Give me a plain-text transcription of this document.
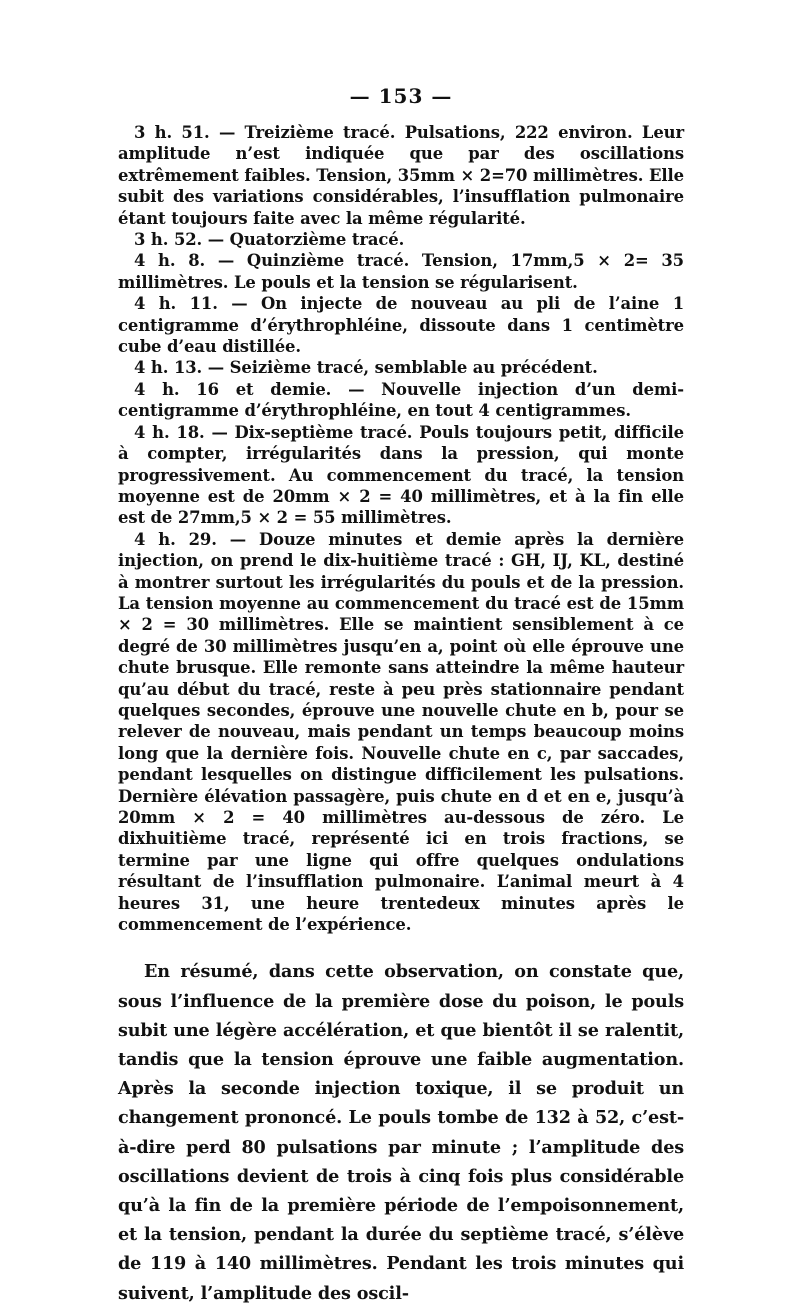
— 153 —

3 h. 51. — Treizième tracé. Pulsations, 222 environ. Leur amplitude n’est indiquée que par des oscillations extrêmement faibles. Tension, 35mm × 2=70 millimètres. Elle subit des variations considérables, l’insufflation pulmonaire étant toujours faite avec la même régularité.

3 h. 52. — Quatorzième tracé.

4 h. 8. — Quinzième tracé. Tension, 17mm,5 × 2= 35 millimètres. Le pouls et la tension se régularisent.

4 h. 11. — On injecte de nouveau au pli de l’aine 1 centigramme d’érythrophléine, dissoute dans 1 centimètre cube d’eau distillée.

4 h. 13. — Seizième tracé, semblable au précédent.

4 h. 16 et demie. — Nouvelle injection d’un demi-centigramme d’érythrophléine, en tout 4 centigrammes.

4 h. 18. — Dix-septième tracé. Pouls toujours petit, difficile à compter, irrégularités dans la pression, qui monte progressivement. Au commencement du tracé, la tension moyenne est de 20mm × 2 = 40 millimètres, et à la fin elle est de 27mm,5 × 2 = 55 millimètres.

4 h. 29. — Douze minutes et demie après la dernière injection, on prend le dix-huitième tracé : GH, IJ, KL, destiné à montrer surtout les irrégularités du pouls et de la pression. La tension moyenne au commencement du tracé est de 15mm × 2 = 30 millimètres. Elle se maintient sensiblement à ce degré de 30 millimètres jusqu’en a, point où elle éprouve une chute brusque. Elle remonte sans atteindre la même hauteur qu’au début du tracé, reste à peu près stationnaire pendant quelques secondes, éprouve une nouvelle chute en b, pour se relever de nouveau, mais pendant un temps beaucoup moins long que la dernière fois. Nouvelle chute en c, par saccades, pendant lesquelles on distingue difficilement les pulsations. Dernière élévation passagère, puis chute en d et en e, jusqu’à 20mm × 2 = 40 millimètres au-dessous de zéro. Le dixhuitième tracé, représenté ici en trois fractions, se termine par une ligne qui offre quelques ondulations résultant de l’insufflation pulmonaire. L’animal meurt à 4 heures 31, une heure trentedeux minutes après le commencement de l’expérience.

En résumé, dans cette observation, on constate que, sous l’influence de la première dose du poison, le pouls subit une légère accélération, et que bientôt il se ralentit, tandis que la tension éprouve une faible augmentation. Après la seconde injection toxique, il se produit un changement prononcé. Le pouls tombe de 132 à 52, c’est-à-dire perd 80 pulsations par minute ; l’amplitude des oscillations devient de trois à cinq fois plus considérable qu’à la fin de la première période de l’empoisonnement, et la tension, pendant la durée du septième tracé, s’élève de 119 à 140 millimètres. Pendant les trois minutes qui suivent, l’amplitude des oscil-
